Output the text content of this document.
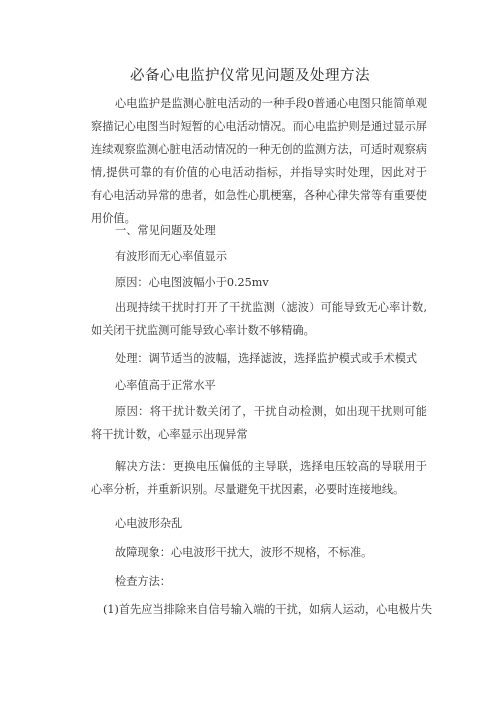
必备心电监护仪常见问题及处理方法

心电监护是监测心脏电活动的一种手段0普通心电图只能简单观察描记心电图当时短暂的心电活动情况。而心电监护则是通过显示屏连续观察监测心脏电活动情况的一种无创的监测方法，可适时观察病情,提供可靠的有价值的心电活动指标，并指导实时处理，因此对于有心电活动异常的患者，如急性心肌梗塞，各种心律失常等有重要使用价值。

一、常见问题及处理

有波形而无心率值显示

原因：心电图波幅小于0.25mv

出现持续干扰时打开了干扰监测（滤波）可能导致无心率计数,如关闭干扰监测可能导致心率计数不够精确。

处理：调节适当的波幅，选择滤波，选择监护模式或手术模式

心率值高于正常水平

原因：将干扰计数关闭了，干扰自动检测，如出现干扰则可能将干扰计数，心率显示出现异常

解决方法：更换电压偏低的主导联，选择电压较高的导联用于心率分析，并重新识别。尽量避免干扰因素，必要时连接地线。

心电波形杂乱

故障现象：心电波形干扰大，波形不规格，不标准。

检查方法：

(1)首先应当排除来自信号输入端的干扰，如病人运动，心电极片失
